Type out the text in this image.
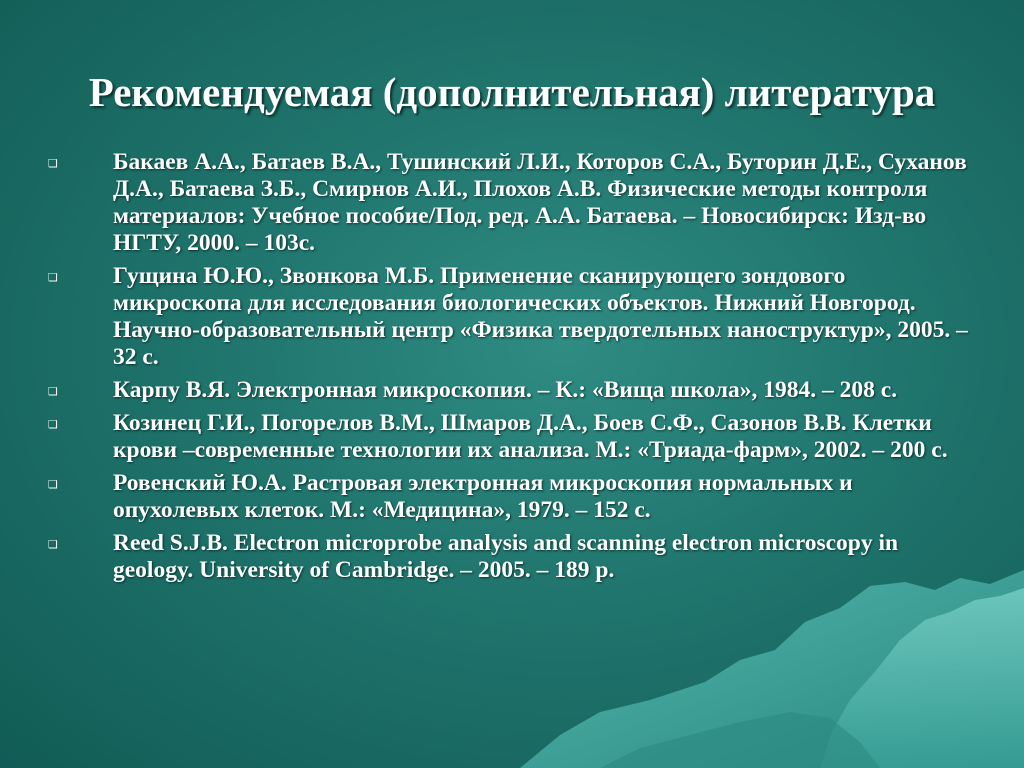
Рекомендуемая (дополнительная) литература
❑ Бакаев А.А., Батаев В.А., Тушинский Л.И., Которов С.А., Буторин Д.Е., Суханов Д.А., Батаева З.Б., Смирнов А.И., Плохов А.В. Физические методы контроля материалов: Учебное пособие/Под. ред. А.А. Батаева. – Новосибирск: Изд-во НГТУ, 2000. – 103с.
❑ Гущина Ю.Ю., Звонкова М.Б. Применение сканирующего зондового микроскопа для исследования биологических объектов. Нижний Новгород. Научно-образовательный центр «Физика твердотельных наноструктур», 2005. – 32 с.
❑ Карпу В.Я. Электронная микроскопия. – К.: «Вища школа», 1984. – 208 с.
❑ Козинец Г.И., Погорелов В.М., Шмаров Д.А., Боев С.Ф., Сазонов В.В. Клетки крови –современные технологии их анализа. М.: «Триада-фарм», 2002. – 200 с.
❑ Ровенский Ю.А. Растровая электронная микроскопия нормальных и опухолевых клеток. М.: «Медицина», 1979. – 152 с.
❑ Reed S.J.B. Electron microprobe analysis and scanning electron microscopy in geology. University of Cambridge. – 2005. – 189 p.
